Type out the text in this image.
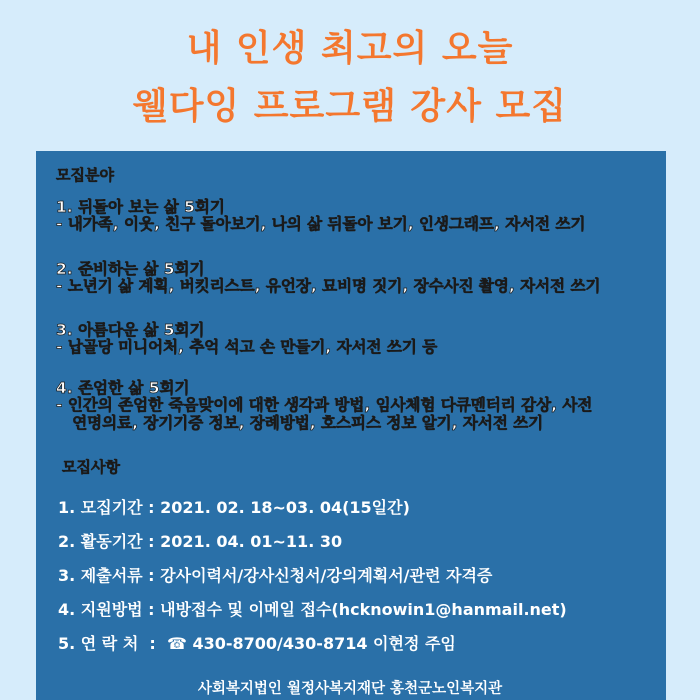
내 인생 최고의 오늘
웰다잉 프로그램 강사 모집
모집분야
1. 뒤돌아 보는 삶 5회기
- 내가족, 이웃, 친구 돌아보기, 나의 삶 뒤돌아 보기, 인생그래프, 자서전 쓰기
2. 준비하는 삶 5회기
- 노년기 삶 계획, 버킷리스트, 유언장, 묘비명 짓기, 장수사진 촬영, 자서전 쓰기
3. 아름다운 삶 5회기
- 납골당 미니어처, 추억 석고 손 만들기, 자서전 쓰기 등
4. 존엄한 삶 5회기
- 인간의 존엄한 죽음맞이에 대한 생각과 방법, 임사체험 다큐멘터리 감상, 사전
연명의료, 장기기증 정보, 장례방법, 호스피스 정보 알기, 자서전 쓰기
모집사항
1. 모집기간 : 2021. 02. 18~03. 04(15일간)
2. 활동기간 : 2021. 04. 01~11. 30
3. 제출서류 : 강사이력서/강사신청서/강의계획서/관련 자격증
4. 지원방법 : 내방접수 및 이메일 접수(hcknowin1@hanmail.net)
5. 연 락 처  :  ☎ 430-8700/430-8714 이현정 주임
사회복지법인 월정사복지재단 홍천군노인복지관
